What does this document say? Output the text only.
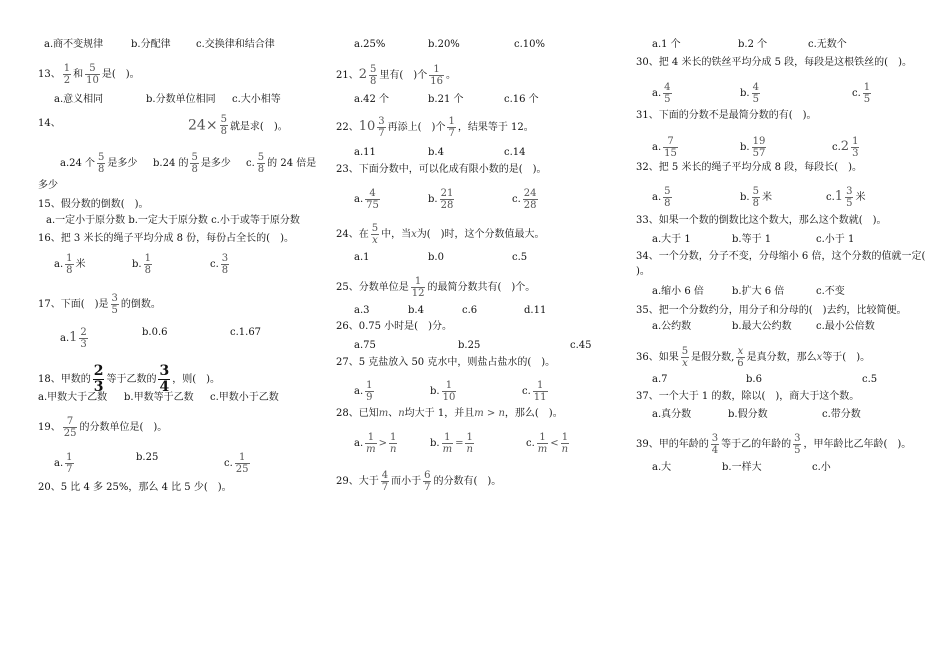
a.商不变规律	b.分配律	c.交换律和结合律
13、 $\frac{1}{2}$ 和 $\frac{5}{10}$ 是(　)。
a.意义相同	b.分数单位相同 c.大小相等
14、	$24\times \frac{5}{8}$ 就是求(　)。
a.24 个 $\frac{5}{8}$ 是多少 b.24 的 $\frac{5}{8}$ 是多少 c. $\frac{5}{8}$ 的 24 倍是
多少
15、假分数的倒数(　)。
a.一定小于原分数 b.一定大于原分数 c.小于或等于原分数
16、把 3 米长的绳子平均分成 8 份，每份占全长的(　)。
a. $\frac{1}{8}$ 米	b. $\frac{1}{8}$	c. $\frac{3}{8}$
17、下面(　)是 $\frac{3}{5}$ 的倒数。
$a.1 \frac{2}{3}$	b.0.6	c.1.67
18、甲数的 $\frac{2}{3}$ 等于乙数的 $\frac{3}{4}$ ，则(　)。
a.甲数大于乙数 b.甲数等于乙数 c.甲数小于乙数
19、 $\frac{7}{25}$ 的分数单位是(　)。
a. $\frac{1}{7}$	b.25
c. $\frac{1}{25}$
20、5 比 4 多 25%，那么 4 比 5 少(　)。
a.25%	b.20%	c.10%
21、$2 \frac{5}{8}$ 里有(　)个 $\frac{1}{16}$ 。
a.42 个	b.21 个	c.16 个
22、$10 \frac{3}{7}$ 再添上(　)个 $\frac{1}{7}$ ，结果等于 12。
a.11	b.4	c.14
23、下面分数中，可以化成有限小数的是(　)。
a. $\frac{4}{75}$	b. $\frac{21}{28}$	c. $\frac{24}{28}$
24、在 $\frac{5}{x}$ 中，当x为(　)时，这个分数值最大。
a.1	b.0	c.5
25、分数单位是 $\frac{1}{12}$ 的最简分数共有(　)个。
a.3	b.4	c.6	d.11
26、0.75 小时是(　)分。
a.75	b.25	c.45
27、5 克盐放入 50 克水中，则盐占盐水的(　)。
a. $\frac{1}{9}$	b. $\frac{1}{10}$	c. $\frac{1}{11}$
28、已知m、n均大于 1，并且m > n，那么(　)。
a. $\frac{1}{m} > \frac{1}{n}$	b. $\frac{1}{m} = \frac{1}{n}$	c. $\frac{1}{m} < \frac{1}{n}$
29、大于 $\frac{4}{7}$ 而小于 $\frac{6}{7}$ 的分数有(　)。
a.1 个	b.2 个	c.无数个
30、把 4 米长的铁丝平均分成 5 段，每段是这根铁丝的(　)。
a. $\frac{4}{5}$	b. $\frac{4}{5}$	c. $\frac{1}{5}$
31、下面的分数不是最简分数的有(　)。
a. $\frac{7}{15}$	b. $\frac{19}{57}$	$c.2 \frac{1}{3}$
32、把 5 米长的绳子平均分成 8 段，每段长(　)。
a. $\frac{5}{8}$	b. $\frac{5}{8}$ 米	$c.1 \frac{3}{5}$ 米
33、如果一个数的倒数比这个数大，那么这个数就(　)。
a.大于 1	b.等于 1	c.小于 1
34、一个分数，分子不变，分母缩小 6 倍，这个分数的值就一定(
)。
a.缩小 6 倍	b.扩大 6 倍	c.不变
35、把一个分数约分，用分子和分母的(　)去约，比较简便。
a.公约数	b.最大公约数 c.最小公倍数
36、如果 $\frac{5}{x}$ 是假分数, $\frac{x}{6}$ 是真分数，那么x等于(　)。
a.7	b.6	c.5
37、一个大于 1 的数，除以(　)，商大于这个数。
a.真分数	b.假分数	c.带分数
39、甲的年龄的 $\frac{3}{4}$ 等于乙的年龄的 $\frac{3}{5}$ ，甲年龄比乙年龄(　)。
a.大	b.一样大	c.小
